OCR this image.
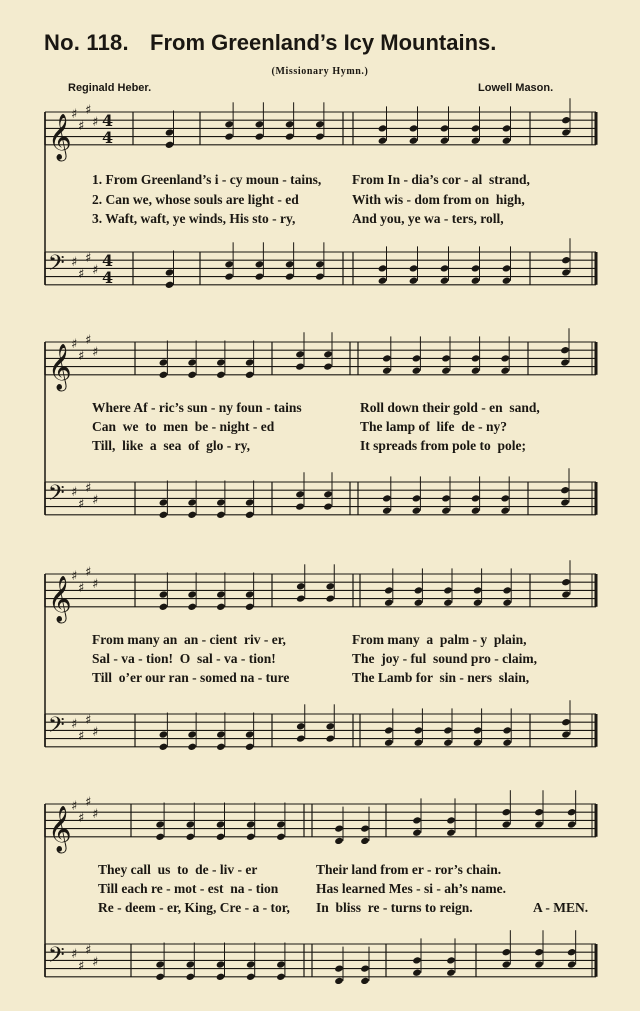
No. 118. From Greenland’s Icy Mountains.
(Missionary Hymn.)
Reginald Heber.	Lowell Mason.
𝄞 ♯
♯
♯
♯ 4
4
𝄢 ♯
♯
♯
♯
4
4
𝄞 ♯
♯
♯
♯
𝄢 ♯
♯
♯
♯
𝄞 ♯
♯
♯
♯
𝄢 ♯
♯
♯
♯
𝄞 ♯
♯
♯
♯
𝄢 ♯
♯
♯
♯
1. From Greenland’s i - cy moun - tains, From In - dia’s cor - al  strand,
2. Can we, whose souls are light - ed	With wis - dom from on  high,
3. Waft, waft, ye winds, His sto - ry,	And you, ye wa - ters, roll,
Where Af - ric’s sun - ny foun - tains	Roll down their gold - en  sand,
Can  we  to  men  be - night - ed	The lamp of  life  de - ny?
Till,  like  a  sea  of  glo - ry,	It spreads from pole to  pole;
From many an  an - cient  riv - er,	From many  a  palm - y  plain,
Sal - va - tion!  O  sal - va - tion!	The  joy - ful  sound pro - claim,
Till  o’er our ran - somed na - ture	The Lamb for  sin - ners  slain,
They call  us  to  de - liv - er	Their land from er - ror’s chain.
Till each re - mot - est  na - tion	Has learned Mes - si - ah’s name.
Re - deem - er, King, Cre - a - tor, In  bliss  re - turns to reign.	A - MEN.
